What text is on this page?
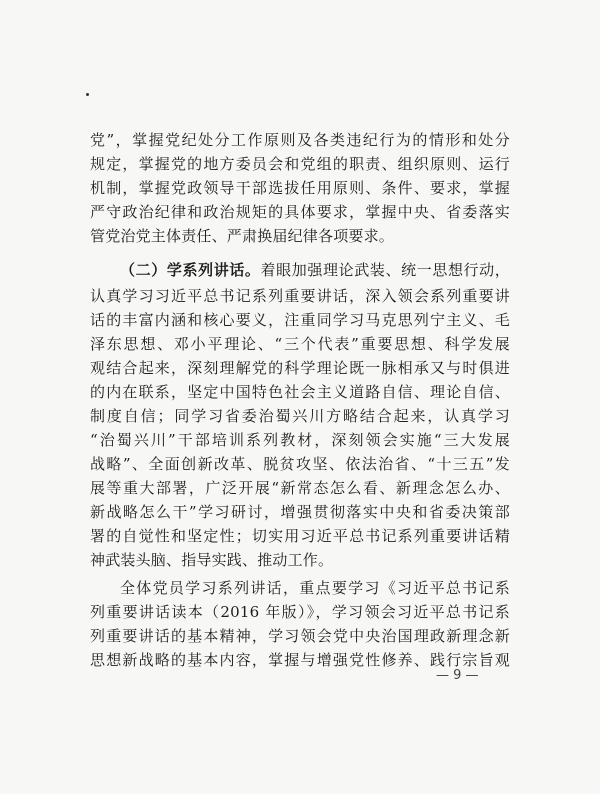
党”，掌握党纪处分工作原则及各类违纪行为的情形和处分
规定，掌握党的地方委员会和党组的职责、组织原则、运行
机制，掌握党政领导干部选拔任用原则、条件、要求，掌握
严守政治纪律和政治规矩的具体要求，掌握中央、省委落实
管党治党主体责任、严肃换届纪律各项要求。
（二）学系列讲话。着眼加强理论武装、统一思想行动，
认真学习习近平总书记系列重要讲话，深入领会系列重要讲
话的丰富内涵和核心要义，注重同学习马克思列宁主义、毛
泽东思想、邓小平理论、“三个代表”重要思想、科学发展
观结合起来，深刻理解党的科学理论既一脉相承又与时俱进
的内在联系，坚定中国特色社会主义道路自信、理论自信、
制度自信；同学习省委治蜀兴川方略结合起来，认真学习
“治蜀兴川”干部培训系列教材，深刻领会实施“三大发展
战略”、全面创新改革、脱贫攻坚、依法治省、“十三五”发
展等重大部署，广泛开展“新常态怎么看、新理念怎么办、
新战略怎么干”学习研讨，增强贯彻落实中央和省委决策部
署的自觉性和坚定性；切实用习近平总书记系列重要讲话精
神武装头脑、指导实践、推动工作。
全体党员学习系列讲话，重点要学习《习近平总书记系
列重要讲话读本（2016 年版）》，学习领会习近平总书记系
列重要讲话的基本精神，学习领会党中央治国理政新理念新
思想新战略的基本内容，掌握与增强党性修养、践行宗旨观
— 9 —
